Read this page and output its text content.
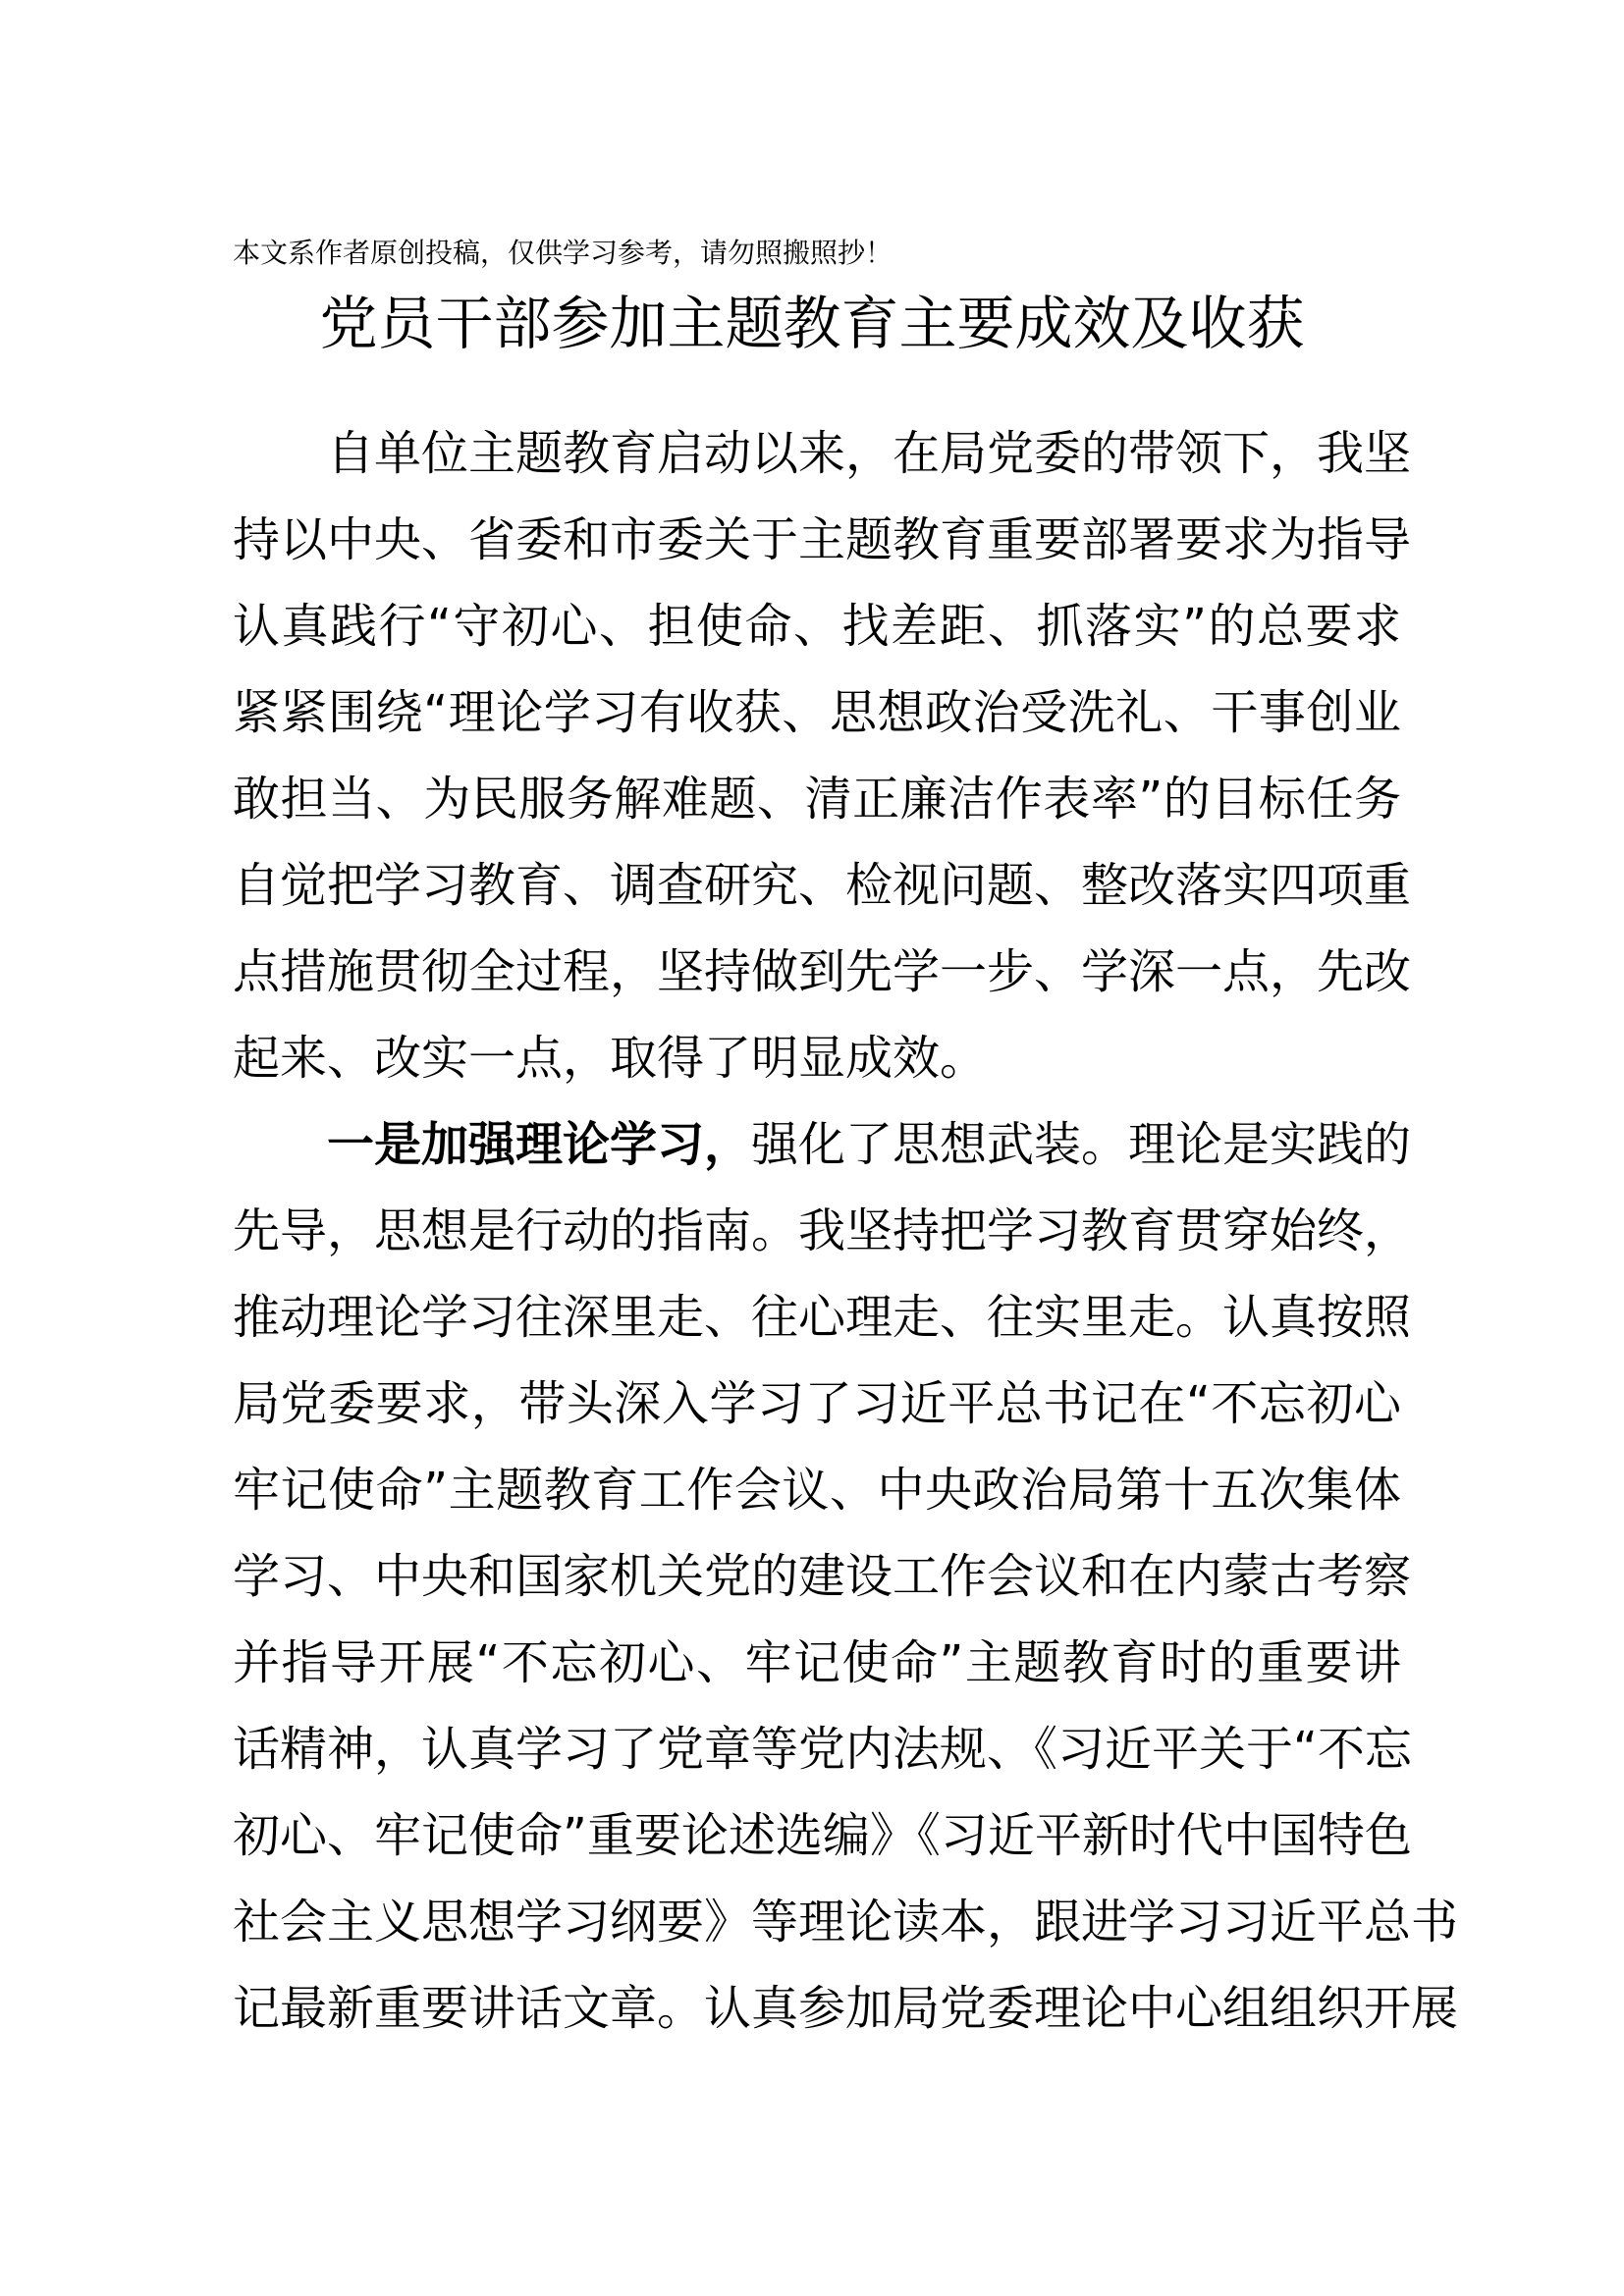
本文系作者原创投稿，仅供学习参考，请勿照搬照抄！
党员干部参加主题教育主要成效及收获
自单位主题教育启动以来，在局党委的带领下，我坚
持以中央、省委和市委关于主题教育重要部署要求为指导
认真践行“守初心、担使命、找差距、抓落实”的总要求
紧紧围绕“理论学习有收获、思想政治受洗礼、干事创业
敢担当、为民服务解难题、清正廉洁作表率”的目标任务
自觉把学习教育、调查研究、检视问题、整改落实四项重
点措施贯彻全过程，坚持做到先学一步、学深一点，先改
起来、改实一点，取得了明显成效。
一是加强理论学习，强化了思想武装。理论是实践的
先导，思想是行动的指南。我坚持把学习教育贯穿始终，
推动理论学习往深里走、往心理走、往实里走。认真按照
局党委要求，带头深入学习了习近平总书记在“不忘初心
牢记使命”主题教育工作会议、中央政治局第十五次集体
学习、中央和国家机关党的建设工作会议和在内蒙古考察
并指导开展“不忘初心、牢记使命”主题教育时的重要讲
话精神，认真学习了党章等党内法规、《习近平关于“不忘
初心、牢记使命”重要论述选编》《习近平新时代中国特色
社会主义思想学习纲要》等理论读本，跟进学习习近平总书
记最新重要讲话文章。认真参加局党委理论中心组组织开展
